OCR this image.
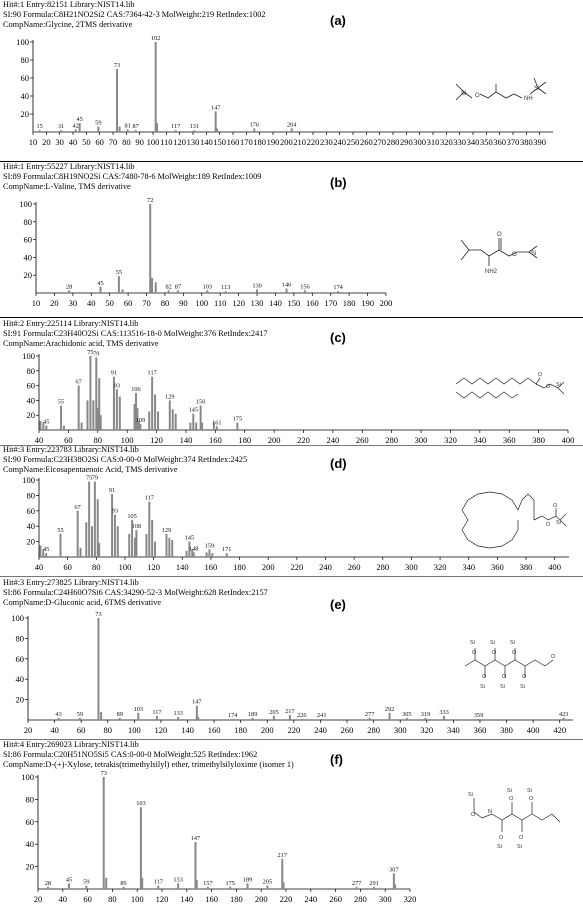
Hit#:1 Entry:82151 Library:NIST14.lib
SI:90 Formula:C8H21NO2Si2 CAS:7364-42-3 MolWeight:219 RetIndex:1002
CompName:Glycine, 2TMS derivative	(a)
20
40
60
80
100
10 20 30 40 50 60 70 80 90 100 110 120 130 140 150 160 170 180 190 200 210 220 230 240 250 260 270 280 290 300 310 320 330 340 350 360 370 380 390
15 31 42
45
59
73
81 87
102
117 131
147
176	204
Si
NH
Si
O
Hit#:1 Entry:55227 Library:NIST14.lib
SI:89 Formula:C8H19NO2Si CAS:7480-78-6 MolWeight:189 RetIndex:1009
CompName:L-Valine, TMS derivative	(b)
20
40
60
80
100
10 20 30 40 50 60 70 80 90 100 110 120 130 140 150 160 170 180 190 200
28
45
55
72
82 87	103 113	130	146 156	174
O
O Si
NH2
Hit#:2 Entry:225114 Library:NIST14.lib
SI:91 Formula:C23H40O2Si CAS:113516-18-0 MolWeight:376 RetIndex:2417
CompName:Arachidonic acid, TMS derivative	(c)
20
40
60
80
100
40 60 80 100 120 140 160 180 200 220 240 260 280 300 320 340 360 380 400
45
55
67
75 79
91
93
106
109
117
129
145
150
161
175
O
O Si
Hit#:3 Entry:223783 Library:NIST14.lib
SI:90 Formula:C23H38O2Si CAS:0-00-0 MolWeight:374 RetIndex:2425
CompName:Eicosapentaenoic Acid, TMS derivative	(d)
20
40
60
80
100
40 60 80 100 120 140 160 180 200 220 240 260 280 300 320 340 360 380 400
45
55
67
75 79
91
93
105
108
117
129
145
148 159
171
O
O Si
Hit#:3 Entry:273825 Library:NIST14.lib
SI:86 Formula:C24H60O7Si6 CAS:34290-52-3 MolWeight:628 RetIndex:2157
CompName:D-Gluconic acid, 6TMS derivative	(e)
20
40
60
80
100
20 40 60 80 100 120 140 160 180 200 220 240 260 280 300 320 340 360 380 400 420
43 59
73
89
103 117 133
147
174 189 205 217
226 241	277
292
305 319 333	359	423
Si
O
Si
O
Si
O
Si
O
Si
O
Si
O
O
Hit#:4 Entry:269023 Library:NIST14.lib
SI:86 Formula:C20H51NO5Si5 CAS:0-00-0 MolWeight:525 RetIndex:1962
CompName:D-(+)-Xylose, tetrakis(trimethylsilyl) ether, trimethylsilyloxime (isomer 1)	(f)
20
40
60
80
100
20 40 60 80 100 120 140 160 180 200 220 240 260 280 300 320
28 45 59
73
89
103
117 133
147
157 175 189 205
217
277 291
307
Si
O N
O
Si
O
Si
O
Si
O
Si
